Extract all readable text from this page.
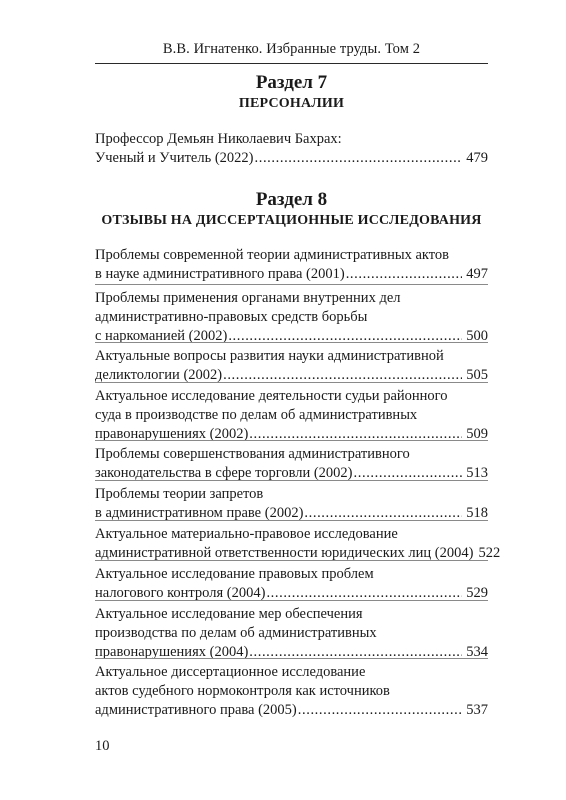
В.В. Игнатенко. Избранные труды. Том 2
Раздел 7
ПЕРСОНАЛИИ
Профессор Демьян Николаевич Бахрах:
Ученый и Учитель (2022) .....	479
Раздел 8
ОТЗЫВЫ НА ДИССЕРТАЦИОННЫЕ ИССЛЕДОВАНИЯ
Проблемы современной теории административных актов
в науке административного права (2001) .....	497
Проблемы применения органами внутренних дел
административно-правовых средств борьбы
с наркоманией (2002) .....	500
Актуальные вопросы развития науки административной
деликтологии (2002) .....	505
Актуальное исследование деятельности судьи районного
суда в производстве по делам об административных
правонарушениях (2002) .....	509
Проблемы совершенствования административного
законодательства в сфере торговли (2002) .....	513
Проблемы теории запретов
в административном праве (2002) .....	518
Актуальное материально-правовое исследование
административной ответственности юридических лиц (2004) 522
Актуальное исследование правовых проблем
налогового контроля (2004) .....	529
Актуальное исследование мер обеспечения
производства по делам об административных
правонарушениях (2004) .....	534
Актуальное диссертационное исследование
актов судебного нормоконтроля как источников
административного права (2005) .....	537
10
